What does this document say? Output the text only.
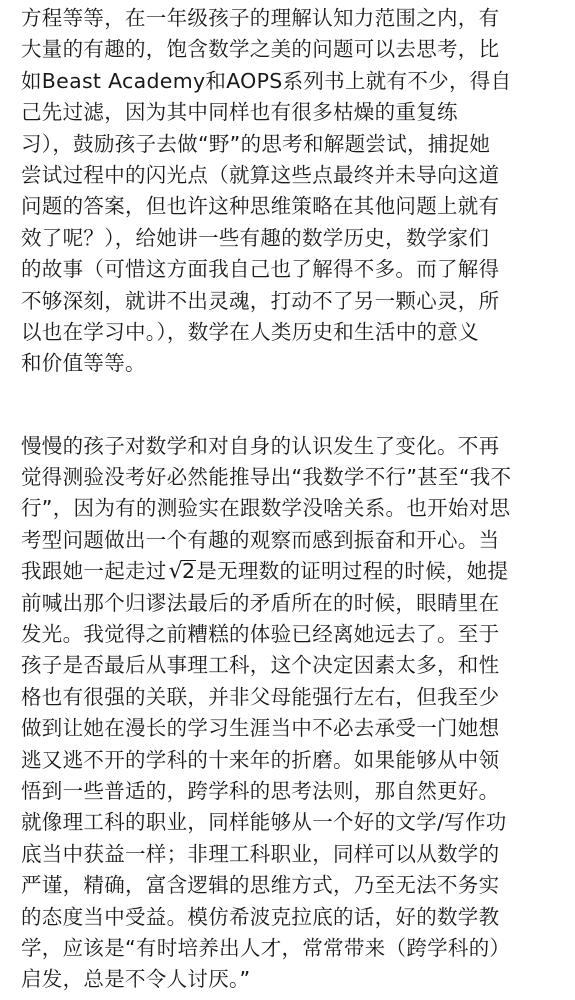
方程等等，在一年级孩子的理解认知力范围之内，有
大量的有趣的，饱含数学之美的问题可以去思考，比
如Beast Academy和AOPS系列书上就有不少，得自
己先过滤，因为其中同样也有很多枯燥的重复练
习），鼓励孩子去做“野”的思考和解题尝试，捕捉她
尝试过程中的闪光点（就算这些点最终并未导向这道
问题的答案，但也许这种思维策略在其他问题上就有
效了呢？），给她讲一些有趣的数学历史，数学家们
的故事（可惜这方面我自己也了解得不多。而了解得
不够深刻，就讲不出灵魂，打动不了另一颗心灵，所
以也在学习中。），数学在人类历史和生活中的意义
和价值等等。
慢慢的孩子对数学和对自身的认识发生了变化。不再
觉得测验没考好必然能推导出“我数学不行”甚至“我不
行”，因为有的测验实在跟数学没啥关系。也开始对思
考型问题做出一个有趣的观察而感到振奋和开心。当
我跟她一起走过√2是无理数的证明过程的时候，她提
前喊出那个归谬法最后的矛盾所在的时候，眼睛里在
发光。我觉得之前糟糕的体验已经离她远去了。至于
孩子是否最后从事理工科，这个决定因素太多，和性
格也有很强的关联，并非父母能强行左右，但我至少
做到让她在漫长的学习生涯当中不必去承受一门她想
逃又逃不开的学科的十来年的折磨。如果能够从中领
悟到一些普适的，跨学科的思考法则，那自然更好。
就像理工科的职业，同样能够从一个好的文学/写作功
底当中获益一样；非理工科职业，同样可以从数学的
严谨，精确，富含逻辑的思维方式，乃至无法不务实
的态度当中受益。模仿希波克拉底的话，好的数学教
学，应该是“有时培养出人才，常常带来（跨学科的）
启发，总是不令人讨厌。”
